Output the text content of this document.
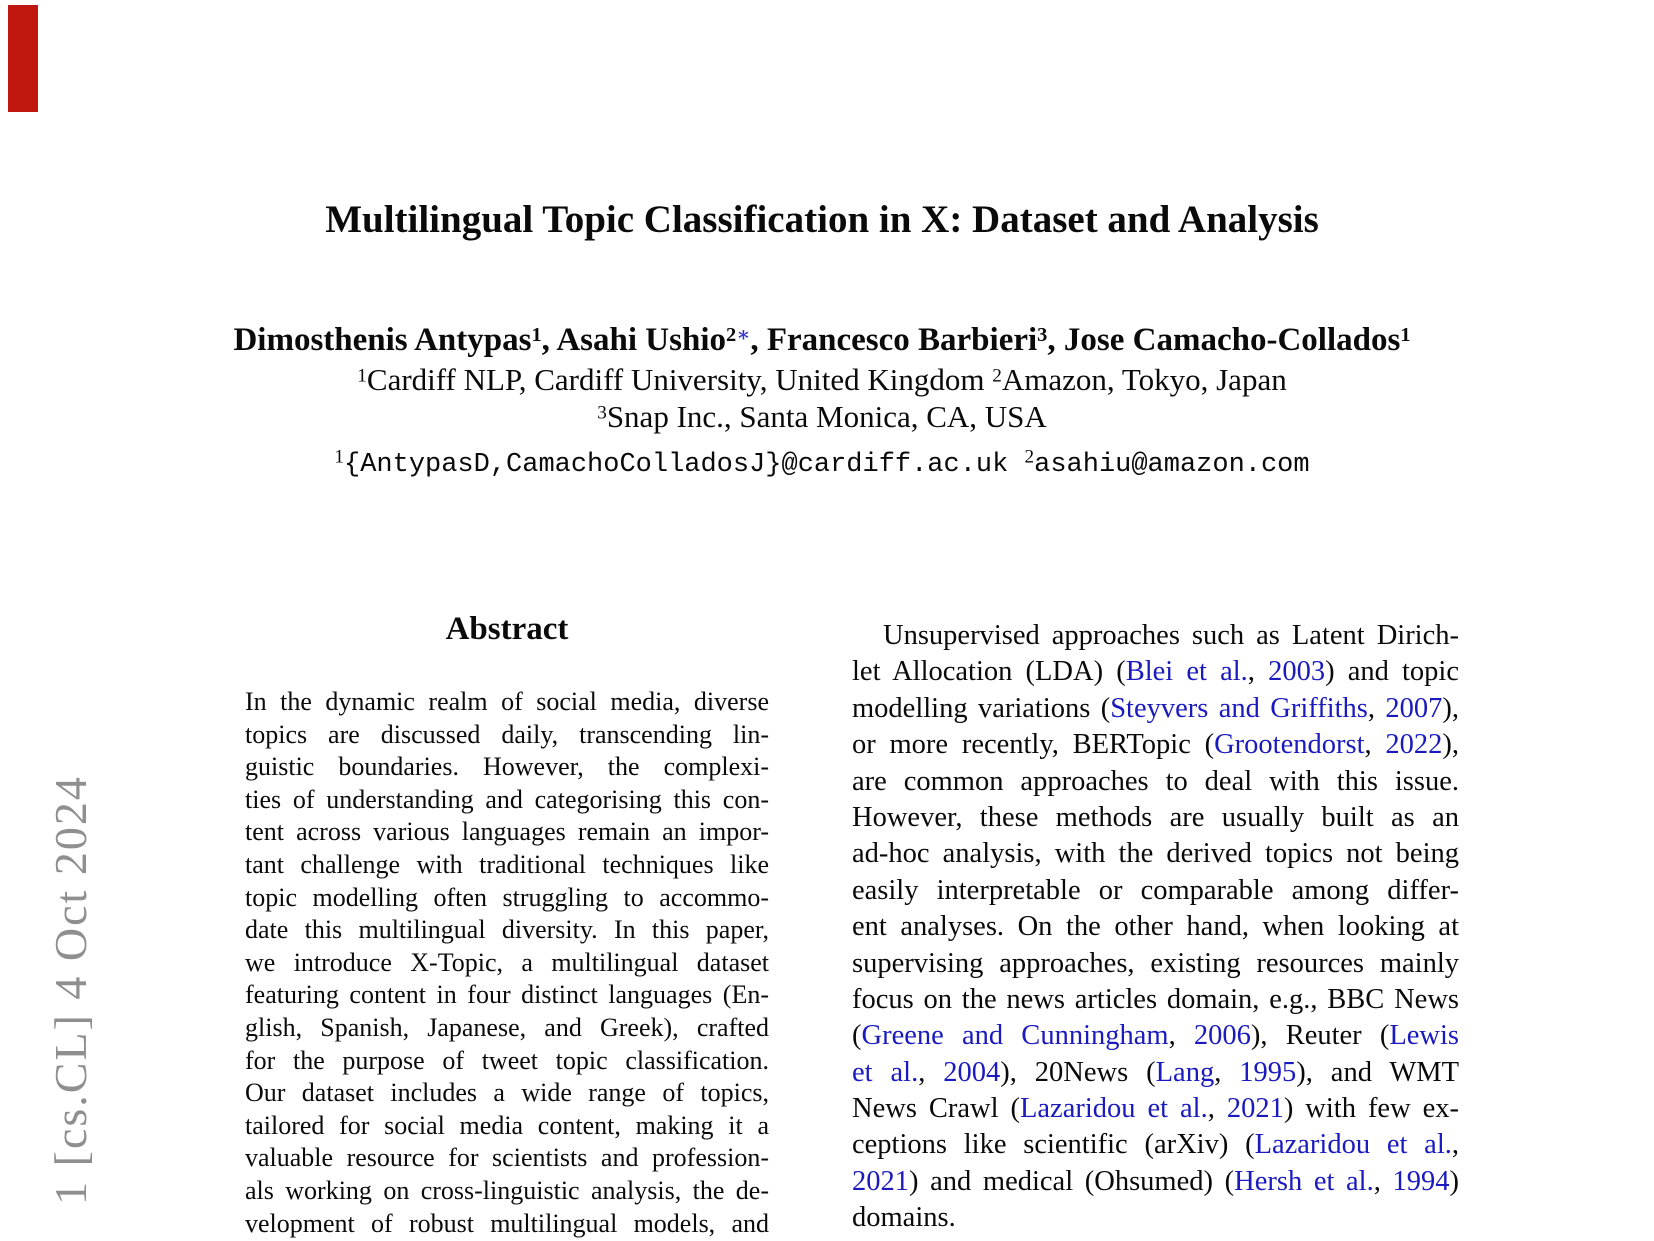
1 [cs.CL] 4 Oct 2024
Multilingual Topic Classification in X: Dataset and Analysis
Dimosthenis Antypas$^1$, Asahi Ushio$^{2∗}$, Francesco Barbieri$^3$, Jose Camacho-Collados$^1$
$^1$Cardiff NLP, Cardiff University, United Kingdom $^2$Amazon, Tokyo, Japan
$^3$Snap Inc., Santa Monica, CA, USA
$^1${AntypasD,CamachoColladosJ}@cardiff.ac.uk $^2$asahiu@amazon.com
Abstract
In the dynamic realm of social media, diverse
topics are discussed daily, transcending lin-
guistic boundaries. However, the complexi-
ties of understanding and categorising this con-
tent across various languages remain an impor-
tant challenge with traditional techniques like
topic modelling often struggling to accommo-
date this multilingual diversity. In this paper,
we introduce X-Topic, a multilingual dataset
featuring content in four distinct languages (En-
glish, Spanish, Japanese, and Greek), crafted
for the purpose of tweet topic classification.
Our dataset includes a wide range of topics,
tailored for social media content, making it a
valuable resource for scientists and profession-
als working on cross-linguistic analysis, the de-
velopment of robust multilingual models, and
Unsupervised approaches such as Latent Dirich-
let Allocation (LDA) (Blei et al., 2003) and topic
modelling variations (Steyvers and Griffiths, 2007),
or more recently, BERTopic (Grootendorst, 2022),
are common approaches to deal with this issue.
However, these methods are usually built as an
ad-hoc analysis, with the derived topics not being
easily interpretable or comparable among differ-
ent analyses. On the other hand, when looking at
supervising approaches, existing resources mainly
focus on the news articles domain, e.g., BBC News
(Greene and Cunningham, 2006), Reuter (Lewis
et al., 2004), 20News (Lang, 1995), and WMT
News Crawl (Lazaridou et al., 2021) with few ex-
ceptions like scientific (arXiv) (Lazaridou et al.,
2021) and medical (Ohsumed) (Hersh et al., 1994)
domains.
